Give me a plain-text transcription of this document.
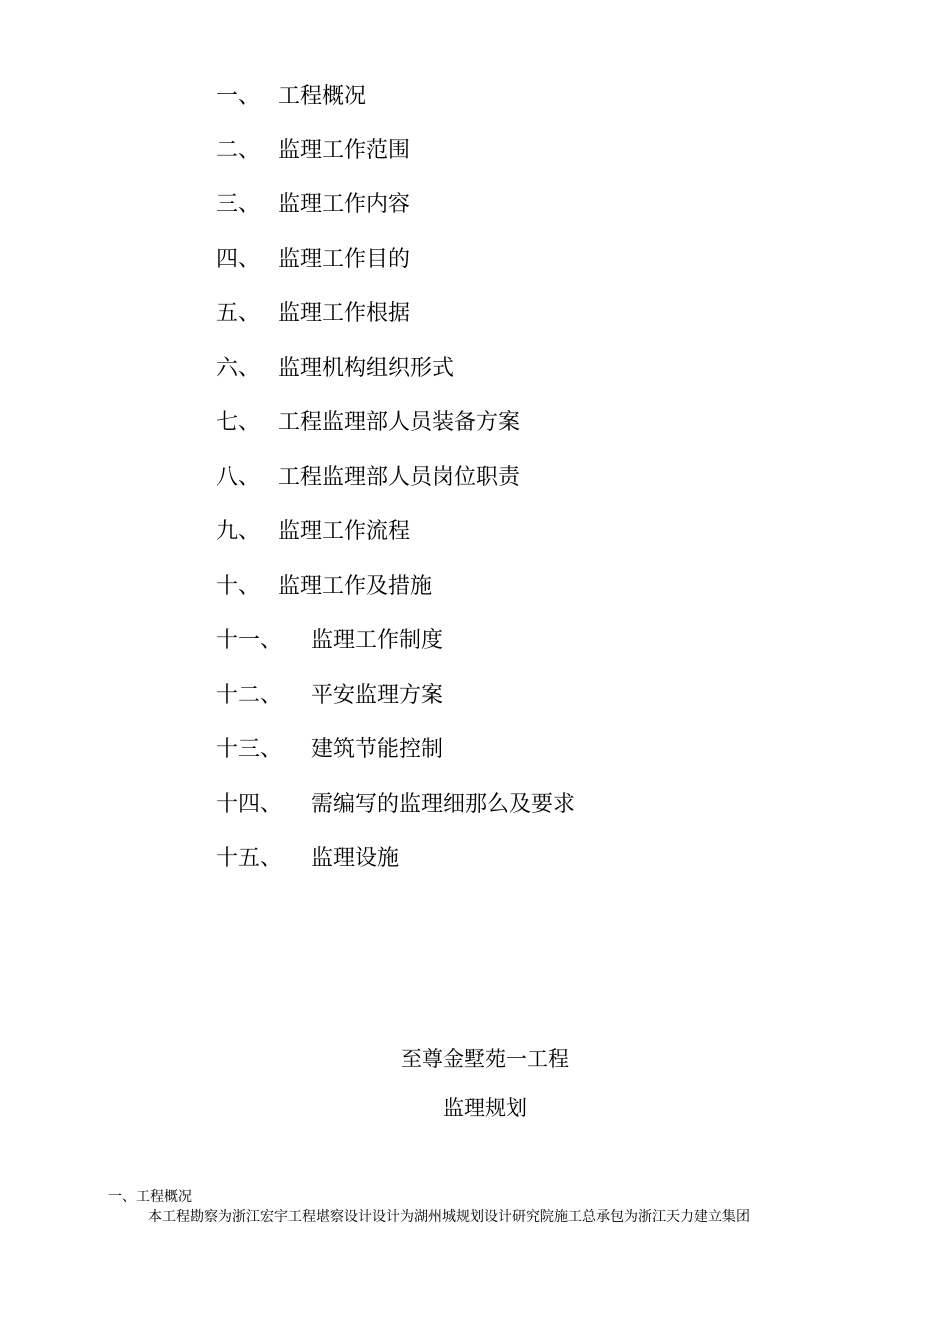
一、 工程概况
二、 监理工作范围
三、 监理工作内容
四、 监理工作目的
五、 监理工作根据
六、 监理机构组织形式
七、 工程监理部人员装备方案
八、 工程监理部人员岗位职责
九、 监理工作流程
十、 监理工作及措施
十一、 监理工作制度
十二、 平安监理方案
十三、 建筑节能控制
十四、 需编写的监理细那么及要求
十五、 监理设施
至尊金墅苑一工程
监理规划
一、工程概况
本工程勘察为浙江宏宇工程堪察设计设计为湖州城规划设计研究院施工总承包为浙江天力建立集团
